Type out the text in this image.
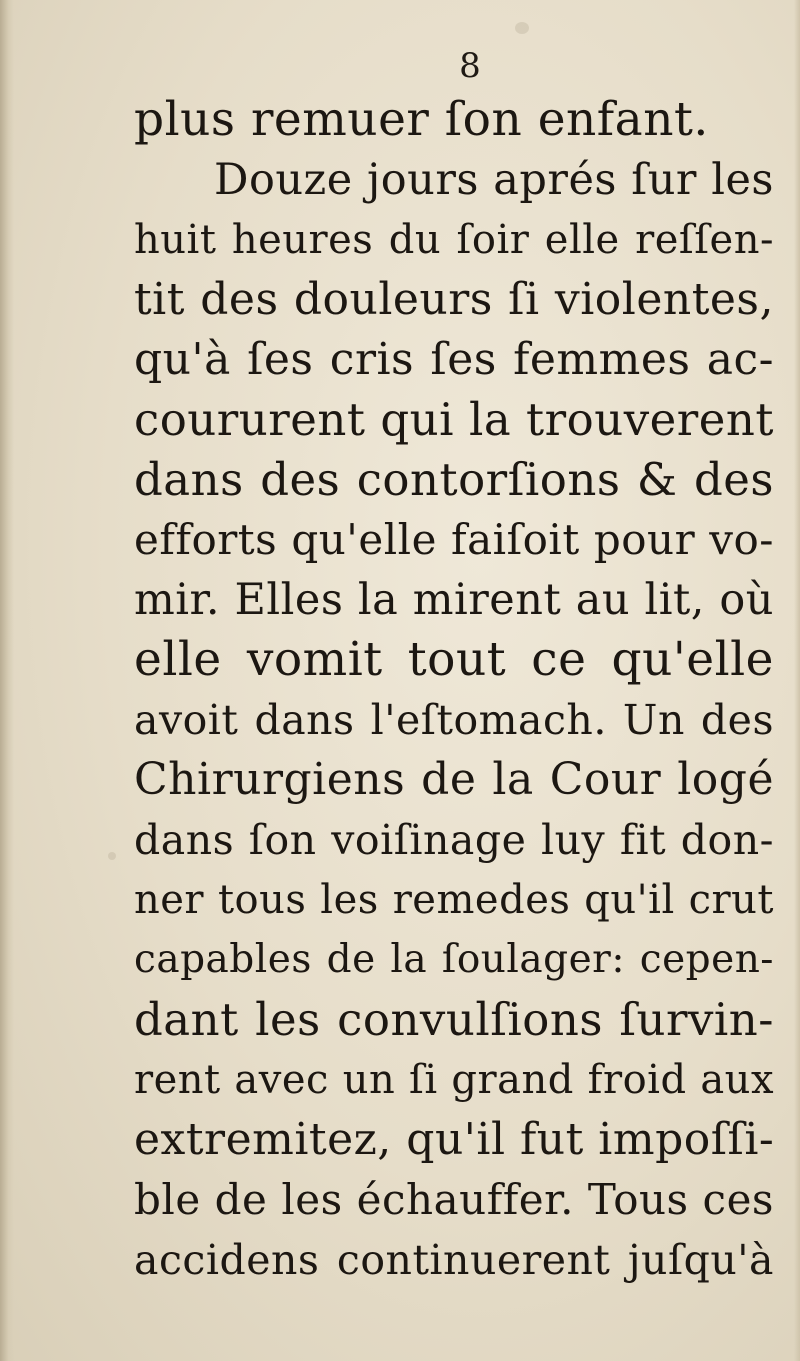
8
plus remuer ſon enfant.
Douze jours aprés ſur les
huit heures du ſoir elle reſſen-
tit des douleurs ſi violentes,
qu'à ſes cris ſes femmes ac-
coururent qui la trouverent
dans des contorſions & des
efforts qu'elle faiſoit pour vo-
mir. Elles la mirent au lit, où
elle vomit tout ce qu'elle
avoit dans l'eſtomach. Un des
Chirurgiens de la Cour logé
dans ſon voiſinage luy fit don-
ner tous les remedes qu'il crut
capables de la ſoulager: cepen-
dant les convulſions ſurvin-
rent avec un ſi grand froid aux
extremitez, qu'il fut impoſſi-
ble de les échauffer. Tous ces
accidens continuerent juſqu'à
